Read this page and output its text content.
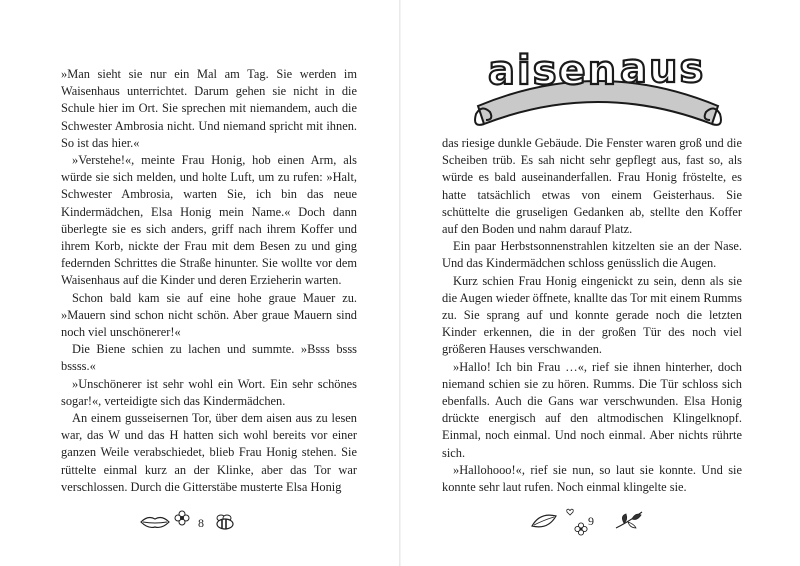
»Man sieht sie nur ein Mal am Tag. Sie werden im Waisenhaus unterrichtet. Darum gehen sie nicht in die Schule hier im Ort. Sie sprechen mit niemandem, auch die Schwester Ambrosia nicht. Und niemand spricht mit ihnen. So ist das hier.«

»Verstehe!«, meinte Frau Honig, hob einen Arm, als würde sie sich melden, und holte Luft, um zu rufen: »Halt, Schwester Ambrosia, warten Sie, ich bin das neue Kindermädchen, Elsa Honig mein Name.« Doch dann überlegte sie es sich anders, griff nach ihrem Koffer und ihrem Korb, nickte der Frau mit dem Besen zu und ging federnden Schrittes die Straße hinunter. Sie wollte vor dem Waisenhaus auf die Kinder und deren Erzieherin warten.

Schon bald kam sie auf eine hohe graue Mauer zu. »Mauern sind schon nicht schön. Aber graue Mauern sind noch viel unschönerer!«

Die Biene schien zu lachen und summte. »Bsss bsss bssss.«

»Unschönerer ist sehr wohl ein Wort. Ein sehr schönes sogar!«, verteidigte sich das Kindermädchen.

An einem gusseisernen Tor, über dem aisen aus zu lesen war, das W und das H hatten sich wohl bereits vor einer ganzen Weile verabschiedet, blieb Frau Honig stehen. Sie rüttelte einmal kurz an der Klinke, aber das Tor war verschlossen. Durch die Gitterstäbe musterte Elsa Honig

8
aisen aus

das riesige dunkle Gebäude. Die Fenster waren groß und die Scheiben trüb. Es sah nicht sehr gepflegt aus, fast so, als würde es bald auseinanderfallen. Frau Honig fröstelte, es hatte tatsächlich etwas von einem Geisterhaus. Sie schüttelte die gruseligen Gedanken ab, stellte den Koffer auf den Boden und nahm darauf Platz.

Ein paar Herbstsonnenstrahlen kitzelten sie an der Nase. Und das Kindermädchen schloss genüsslich die Augen.

Kurz schien Frau Honig eingenickt zu sein, denn als sie die Augen wieder öffnete, knallte das Tor mit einem Rumms zu. Sie sprang auf und konnte gerade noch die letzten Kinder erkennen, die in der großen Tür des noch viel größeren Hauses verschwanden.

»Hallo! Ich bin Frau …«, rief sie ihnen hinterher, doch niemand schien sie zu hören. Rumms. Die Tür schloss sich ebenfalls. Auch die Gans war verschwunden. Elsa Honig drückte energisch auf den altmodischen Klingelknopf. Einmal, noch einmal. Und noch einmal. Aber nichts rührte sich.

»Hallohooo!«, rief sie nun, so laut sie konnte. Und sie konnte sehr laut rufen. Noch einmal klingelte sie.

9
